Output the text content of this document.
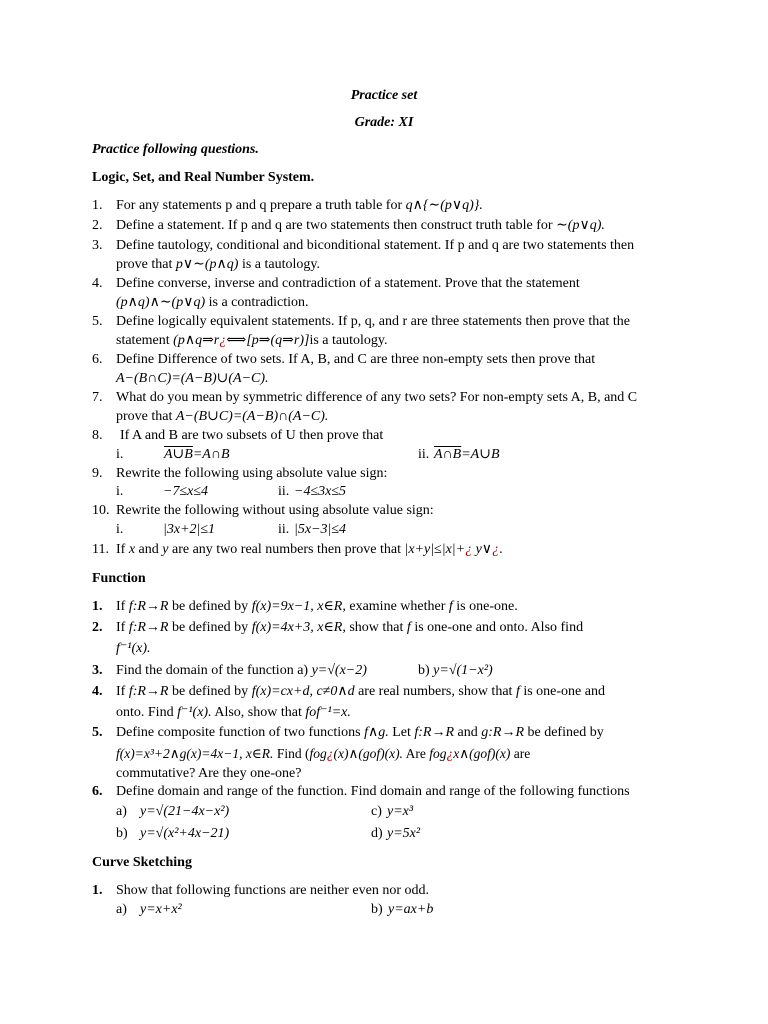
Practice set
Grade: XI
Practice following questions.
Logic, Set, and Real Number System.
1. For any statements p and q prepare a truth table for q∧{∼(p∨q)}.
2. Define a statement. If p and q are two statements then construct truth table for ∼(p∨q).
3. Define tautology, conditional and biconditional statement. If p and q are two statements then
prove that p∨∼(p∧q) is a tautology.
4. Define converse, inverse and contradiction of a statement. Prove that the statement
(p∧q)∧∼(p∨q) is a contradiction.
5. Define logically equivalent statements. If p, q, and r are three statements then prove that the
statement (p∧q⇒r¿⟺[p⇒(q⇒r)]is a tautology.
6. Define Difference of two sets. If A, B, and C are three non-empty sets then prove that
A−(B∩C)=(A−B)∪(A−C).
7. What do you mean by symmetric difference of any two sets? For non-empty sets A, B, and C
prove that A−(B∪C)=(A−B)∩(A−C).
8. If A and B are two subsets of U then prove that
i.	A∪B=A∩B	ii. A∩B=A∪B
9. Rewrite the following using absolute value sign:
i.	−7≤x≤4	ii. −4≤3x≤5
10. Rewrite the following without using absolute value sign:
i.	|3x+2|≤1	ii. |5x−3|≤4
11. If x and y are any two real numbers then prove that |x+y|≤|x|+¿ y∨¿.
Function
1. If f:R→R be defined by f(x)=9x−1, x∈R, examine whether f is one-one.
2. If f:R→R be defined by f(x)=4x+3, x∈R, show that f is one-one and onto. Also find
f⁻¹(x).
3. Find the domain of the function a) y=√(x−2)	b) y=√(1−x²)
4. If f:R→R be defined by f(x)=cx+d, c≠0∧d are real numbers, show that f is one-one and
onto. Find f⁻¹(x). Also, show that fof⁻¹=x.
5. Define composite function of two functions f∧g. Let f:R→R and g:R→R be defined by
f(x)=x³+2∧g(x)=4x−1, x∈R. Find (fog¿(x)∧(gof)(x). Are fog¿x∧(gof)(x) are
commutative? Are they one-one?
6. Define domain and range of the function. Find domain and range of the following functions
a) y=√(21−4x−x²)	c) y=x³
b) y=√(x²+4x−21)	d) y=5x²
Curve Sketching
1. Show that following functions are neither even nor odd.
a) y=x+x²	b) y=ax+b
